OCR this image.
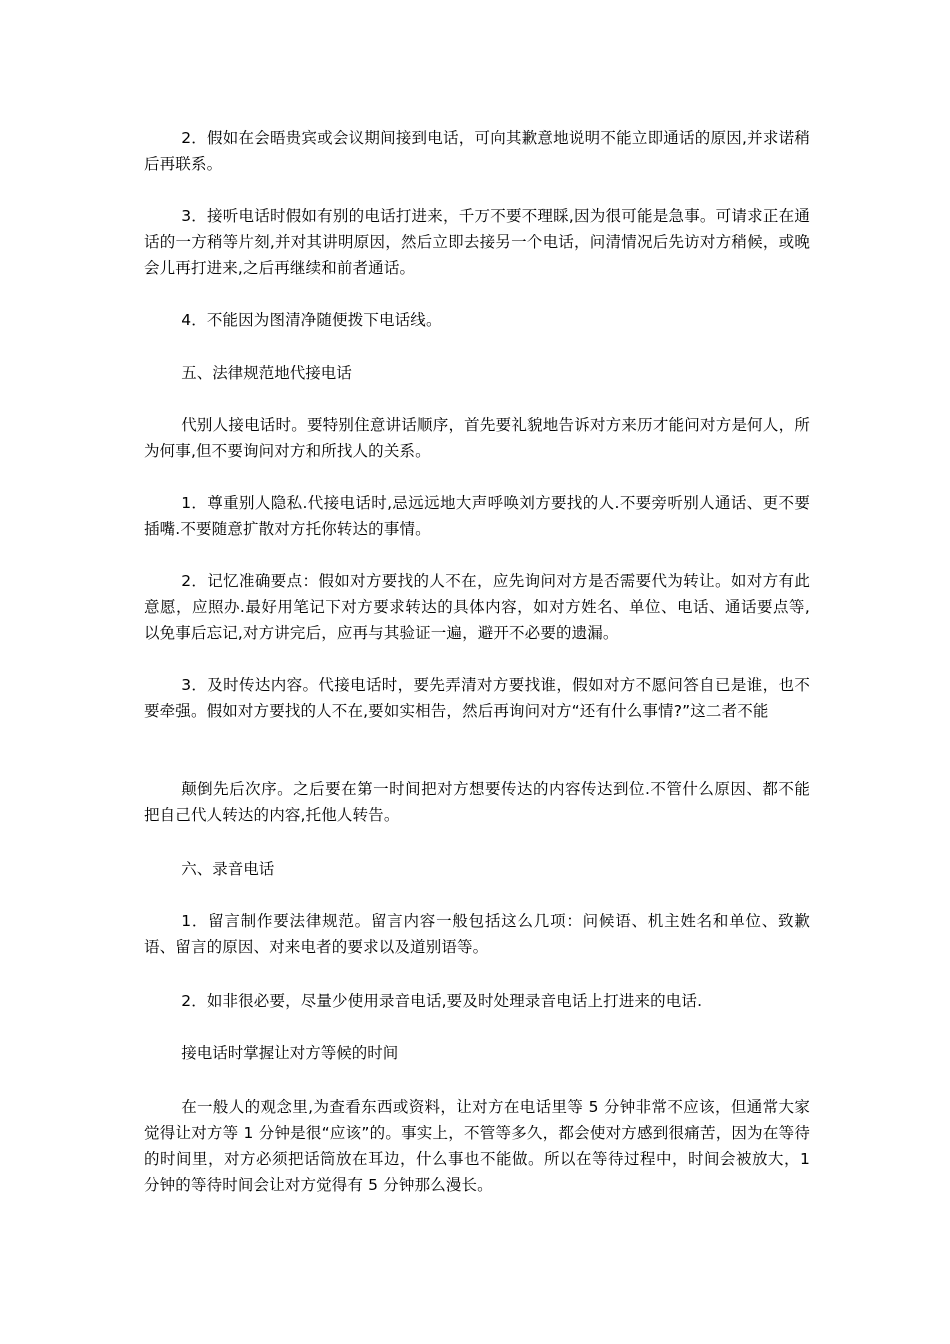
2．假如在会晤贵宾或会议期间接到电话，可向其歉意地说明不能立即通话的原因,并求诺稍后再联系。

3．接听电话时假如有别的电话打进来，千万不要不理睬,因为很可能是急事。可请求正在通话的一方稍等片刻,并对其讲明原因，然后立即去接另一个电话，问清情况后先访对方稍候，或晚会儿再打进来,之后再继续和前者通话。

4．不能因为图清净随便拨下电话线。

五、法律规范地代接电话

代别人接电话时。要特别住意讲话顺序，首先要礼貌地告诉对方来历才能问对方是何人，所为何事,但不要询问对方和所找人的关系。

1．尊重别人隐私.代接电话时,忌远远地大声呼唤刘方要找的人.不要旁听别人通话、更不要插嘴.不要随意扩散对方托你转达的事情。

2．记忆准确要点：假如对方要找的人不在，应先询问对方是否需要代为转让。如对方有此意愿，应照办.最好用笔记下对方要求转达的具体内容，如对方姓名、单位、电话、通话要点等,以免事后忘记,对方讲完后，应再与其验证一遍，避开不必要的遗漏。

3．及时传达内容。代接电话时，要先弄清对方要找谁，假如对方不愿问答自已是谁，也不要牵强。假如对方要找的人不在,要如实相告，然后再询问对方“还有什么事情?”这二者不能

颠倒先后次序。之后要在第一时间把对方想要传达的内容传达到位.不管什么原因、都不能把自己代人转达的内容,托他人转告。

六、录音电话

1．留言制作要法律规范。留言内容一般包括这么几项：问候语、机主姓名和单位、致歉语、留言的原因、对来电者的要求以及道别语等。

2．如非很必要，尽量少使用录音电话,要及时处理录音电话上打进来的电话.

接电话时掌握让对方等候的时间

在一般人的观念里,为查看东西或资料，让对方在电话里等 5 分钟非常不应该，但通常大家觉得让对方等 1 分钟是很“应该”的。事实上，不管等多久，都会使对方感到很痛苦，因为在等待的时间里，对方必须把话筒放在耳边，什么事也不能做。所以在等待过程中，时间会被放大，1 分钟的等待时间会让对方觉得有 5 分钟那么漫长。
